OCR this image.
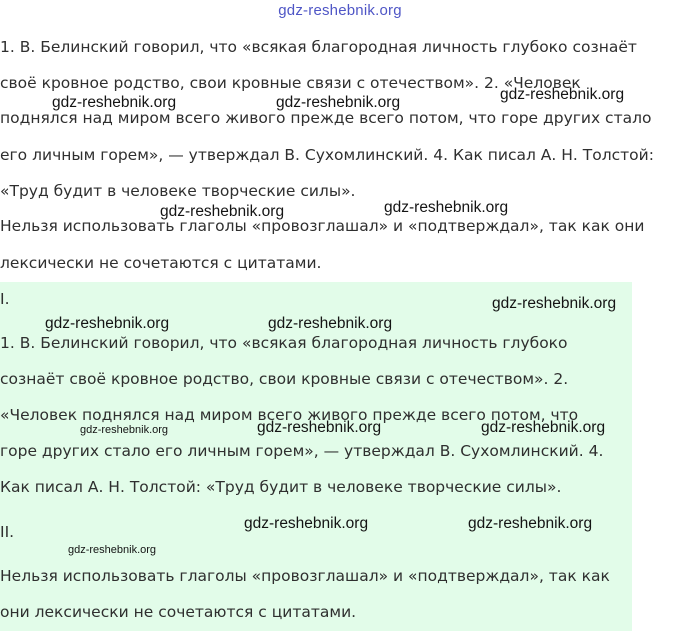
gdz-reshebnik.org
1. В. Белинский говорил, что «всякая благородная личность глубоко сознаёт
своё кровное родство, свои кровные связи с отечеством». 2. «Человек
поднялся над миром всего живого прежде всего потом, что горе других стало
его личным горем», — утверждал В. Сухомлинский. 4. Как писал А. Н. Толстой:
«Труд будит в человеке творческие силы».
Нельзя использовать глаголы «провозглашал» и «подтверждал», так как они
лексически не сочетаются с цитатами.
I.
1. В. Белинский говорил, что «всякая благородная личность глубоко
сознаёт своё кровное родство, свои кровные связи с отечеством». 2.
«Человек поднялся над миром всего живого прежде всего потом, что
горе других стало его личным горем», — утверждал В. Сухомлинский. 4.
Как писал А. Н. Толстой: «Труд будит в человеке творческие силы».
II.
Нельзя использовать глаголы «провозглашал» и «подтверждал», так как
они лексически не сочетаются с цитатами.
gdz-reshebnik.org	gdz-reshebnik.org	gdz-reshebnik.org
gdz-reshebnik.org	gdz-reshebnik.org
gdz-reshebnik.org
gdz-reshebnik.org	gdz-reshebnik.org
gdz-reshebnik.org	gdz-reshebnik.org	gdz-reshebnik.org
gdz-reshebnik.org	gdz-reshebnik.org
gdz-reshebnik.org
